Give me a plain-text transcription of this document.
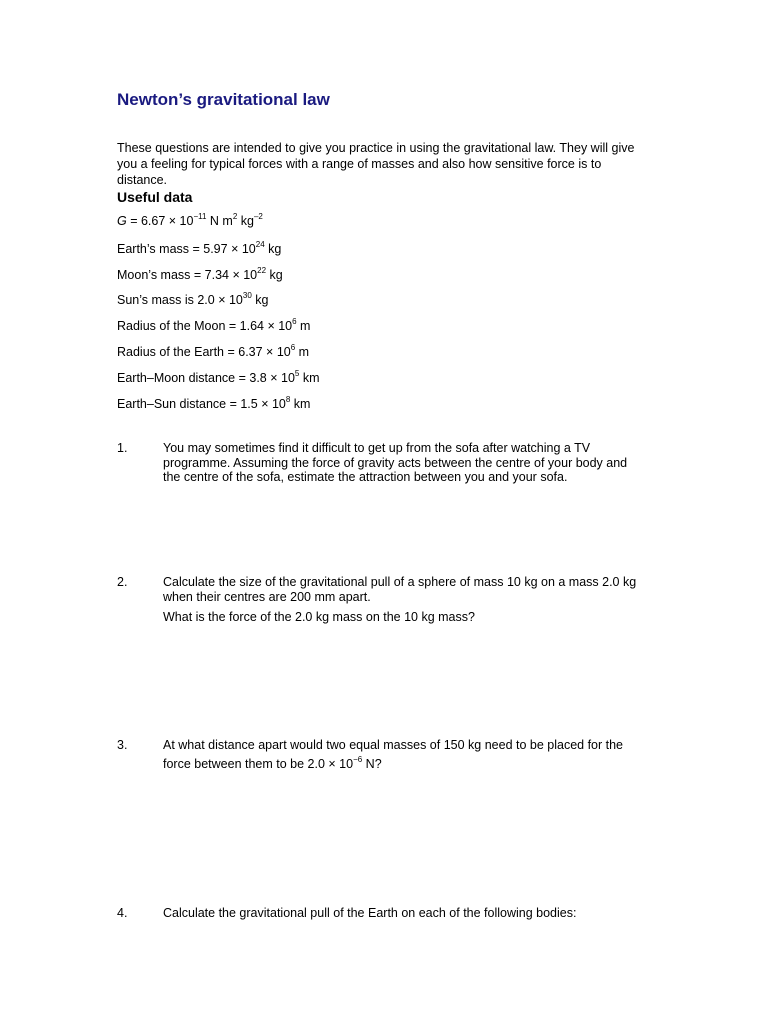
Newton’s gravitational law

These questions are intended to give you practice in using the gravitational law. They will give
you a feeling for typical forces with a range of masses and also how sensitive force is to
distance.

Useful data
$G = 6.67 \times 10^{-11}$ N $m^2$ $kg^{-2}$
Earth’s mass = $5.97 \times 10^{24}$ kg
Moon’s mass = $7.34 \times 10^{22}$ kg
Sun’s mass is $2.0 \times 10^{30}$ kg
Radius of the Moon = $1.64 \times 10^6$ m
Radius of the Earth = $6.37 \times 10^6$ m
Earth–Moon distance = $3.8 \times 10^5$ km
Earth–Sun distance = $1.5 \times 10^8$ km
1.	You may sometimes find it difficult to get up from the sofa after watching a TV
programme. Assuming the force of gravity acts between the centre of your body and
the centre of the sofa, estimate the attraction between you and your sofa.
2.	Calculate the size of the gravitational pull of a sphere of mass 10 kg on a mass 2.0 kg
when their centres are 200 mm apart.
What is the force of the 2.0 kg mass on the 10 kg mass?
3.	At what distance apart would two equal masses of 150 kg need to be placed for the
force between them to be $2.0 \times 10^{-6}$ N?
4.	Calculate the gravitational pull of the Earth on each of the following bodies:
